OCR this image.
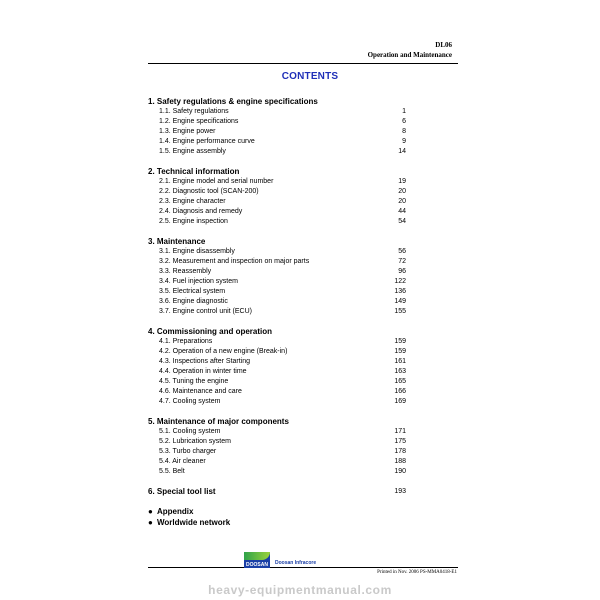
DL06
Operation and Maintenance
CONTENTS
1. Safety regulations & engine specifications
1.1. Safety regulations	1
1.2. Engine specifications	6
1.3. Engine power	8
1.4. Engine performance curve	9
1.5. Engine assembly	14
2. Technical information
2.1. Engine model and serial number	19
2.2. Diagnostic tool (SCAN-200)	20
2.3. Engine character	20
2.4. Diagnosis and remedy	44
2.5. Engine inspection	54
3. Maintenance
3.1. Engine disassembly	56
3.2. Measurement and inspection on major parts	72
3.3. Reassembly	96
3.4. Fuel injection system	122
3.5. Electrical system	136
3.6. Engine diagnostic	149
3.7. Engine control unit (ECU)	155
4. Commissioning and operation
4.1. Preparations	159
4.2. Operation of a new engine (Break-in)	159
4.3. Inspections after Starting	161
4.4. Operation in winter time	163
4.5. Tuning the engine	165
4.6. Maintenance and care	166
4.7. Cooling system	169
5. Maintenance of major components
5.1. Cooling system	171
5.2. Lubrication system	175
5.3. Turbo charger	178
5.4. Air cleaner	188
5.5. Belt	190
6. Special tool list	193
● Appendix
● Worldwide network
DOOSAN Doosan Infracore
Printed in Nov. 2006 PS-MMA0418-E1
heavy-equipmentmanual.com
